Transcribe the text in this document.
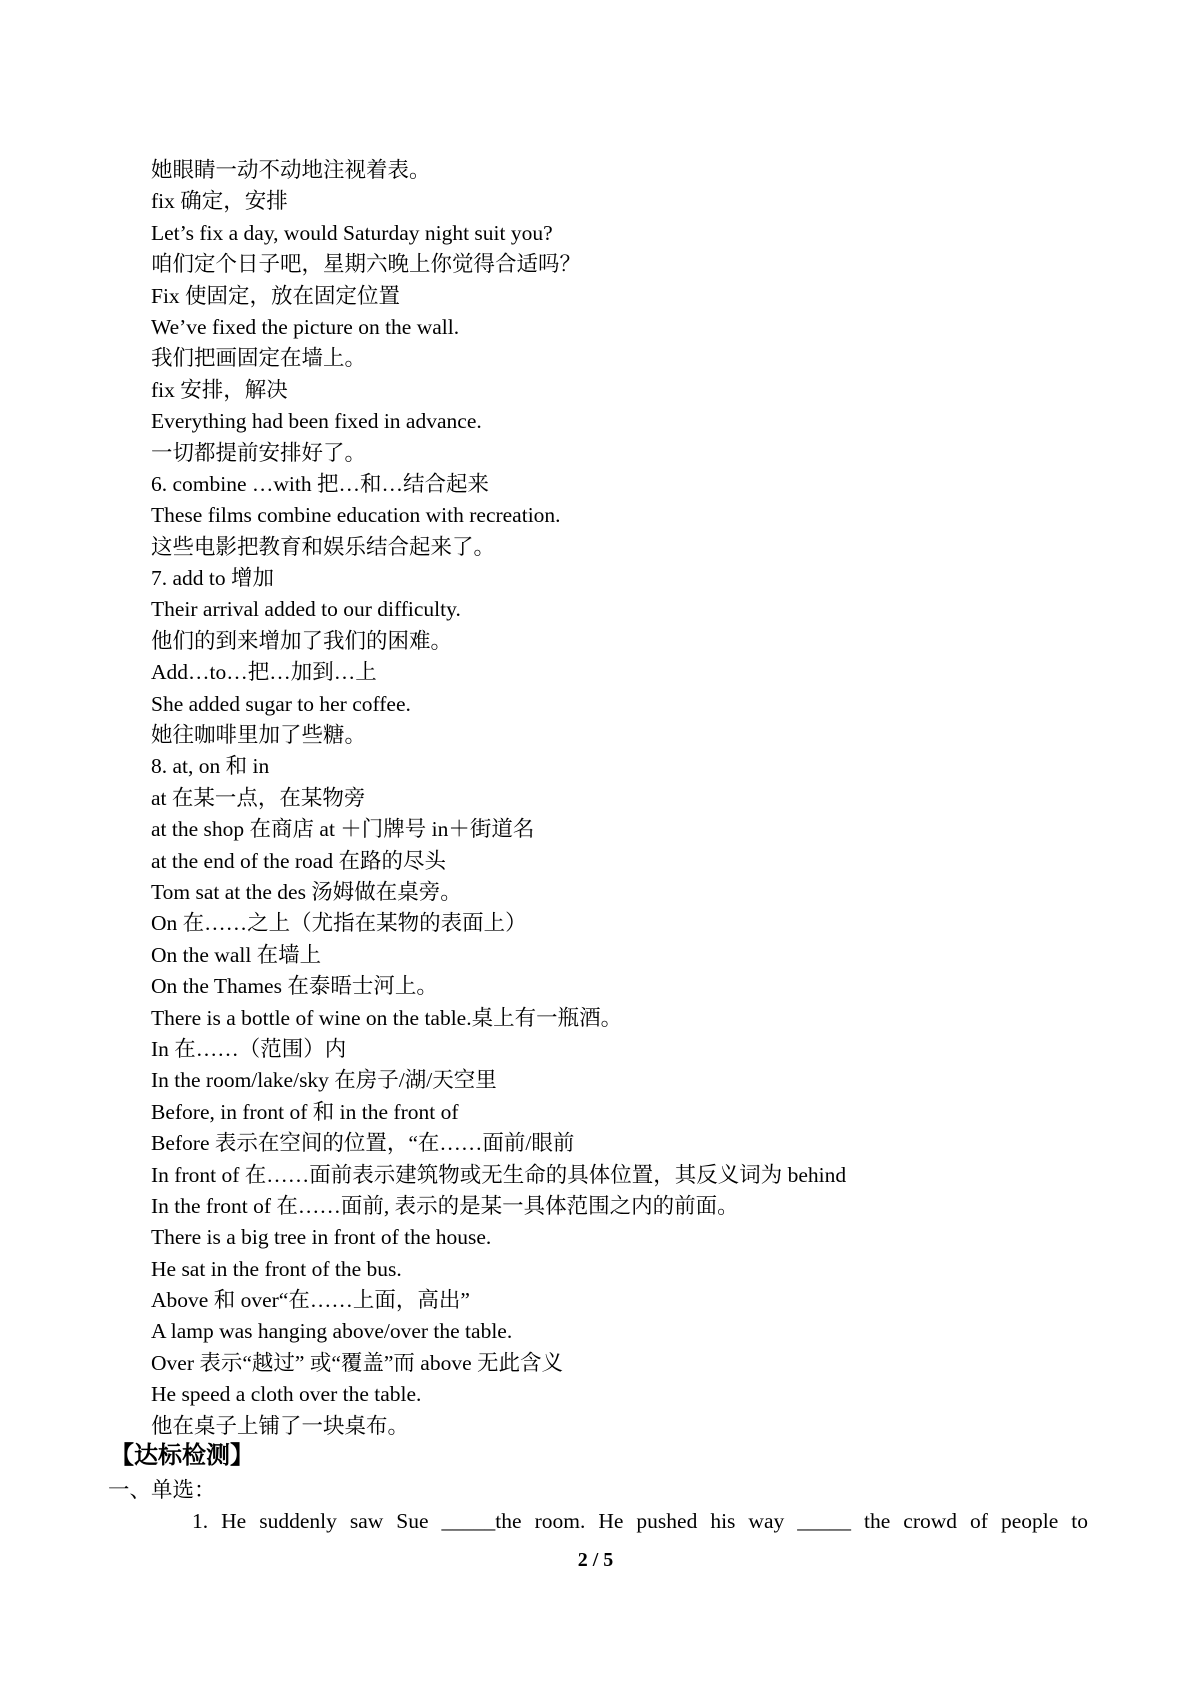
她眼睛一动不动地注视着表。
fix 确定，安排
Let’s fix a day, would Saturday night suit you?
咱们定个日子吧，星期六晚上你觉得合适吗？
Fix 使固定，放在固定位置
We’ve fixed the picture on the wall.
我们把画固定在墙上。
fix 安排，解决
Everything had been fixed in advance.
一切都提前安排好了。
6. combine …with 把…和…结合起来
These films combine education with recreation.
这些电影把教育和娱乐结合起来了。
7. add to 增加
Their arrival added to our difficulty.
他们的到来增加了我们的困难。
Add…to…把…加到…上
She added sugar to her coffee.
她往咖啡里加了些糖。
8. at, on 和 in
at 在某一点，在某物旁
at the shop 在商店 at ＋门牌号 in＋街道名
at the end of the road 在路的尽头
Tom sat at the des 汤姆做在桌旁。
On 在……之上（尤指在某物的表面上）
On the wall 在墙上
On the Thames 在泰晤士河上。
There is a bottle of wine on the table.桌上有一瓶酒。
In 在……（范围）内
In the room/lake/sky 在房子/湖/天空里
Before, in front of 和 in the front of
Before 表示在空间的位置，“在……面前/眼前
In front of 在……面前表示建筑物或无生命的具体位置，其反义词为 behind
In the front of 在……面前, 表示的是某一具体范围之内的前面。
There is a big tree in front of the house.
He sat in the front of the bus.
Above 和 over“在……上面，高出”
A lamp was hanging above/over the table.
Over 表示“越过” 或“覆盖”而 above 无此含义
He speed a cloth over the table.
他在桌子上铺了一块桌布。
【达标检测】
一、单选：
1. He suddenly saw Sue _____the room. He pushed his way _____ the crowd of people to
2 / 5
